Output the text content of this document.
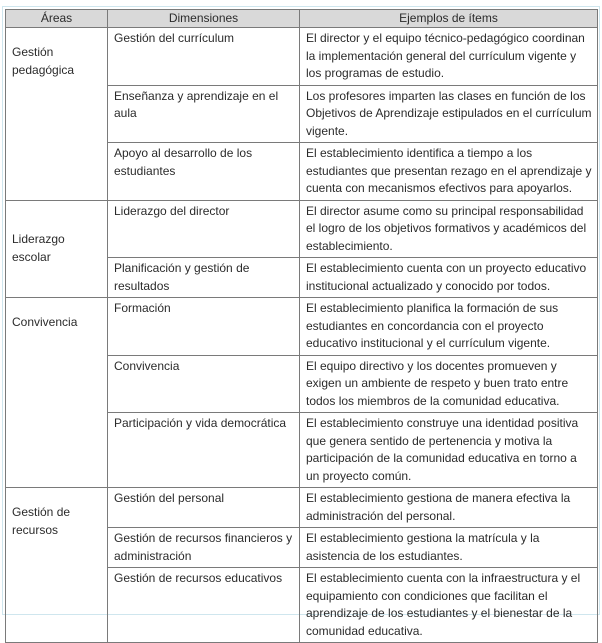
Áreas	Dimensiones	Ejemplos de ítems
Gestión pedagógica	Gestión del currículum	El director y el equipo técnico-pedagógico coordinan la implementación general del currículum vigente y los programas de estudio.
	Enseñanza y aprendizaje en el aula	Los profesores imparten las clases en función de los Objetivos de Aprendizaje estipulados en el currículum vigente.
	Apoyo al desarrollo de los estudiantes	El establecimiento identifica a tiempo a los estudiantes que presentan rezago en el aprendizaje y cuenta con mecanismos efectivos para apoyarlos.
Liderazgo escolar	Liderazgo del director	El director asume como su principal responsabilidad el logro de los objetivos formativos y académicos del establecimiento.
	Planificación y gestión de resultados	El establecimiento cuenta con un proyecto educativo institucional actualizado y conocido por todos.
Convivencia	Formación	El establecimiento planifica la formación de sus estudiantes en concordancia con el proyecto educativo institucional y el currículum vigente.
	Convivencia	El equipo directivo y los docentes promueven y exigen un ambiente de respeto y buen trato entre todos los miembros de la comunidad educativa.
	Participación y vida democrática	El establecimiento construye una identidad positiva que genera sentido de pertenencia y motiva la participación de la comunidad educativa en torno a un proyecto común.
Gestión de recursos	Gestión del personal	El establecimiento gestiona de manera efectiva la administración del personal.
	Gestión de recursos financieros y administración	El establecimiento gestiona la matrícula y la asistencia de los estudiantes.
	Gestión de recursos educativos	El establecimiento cuenta con la infraestructura y el equipamiento con condiciones que facilitan el aprendizaje de los estudiantes y el bienestar de la comunidad educativa.
